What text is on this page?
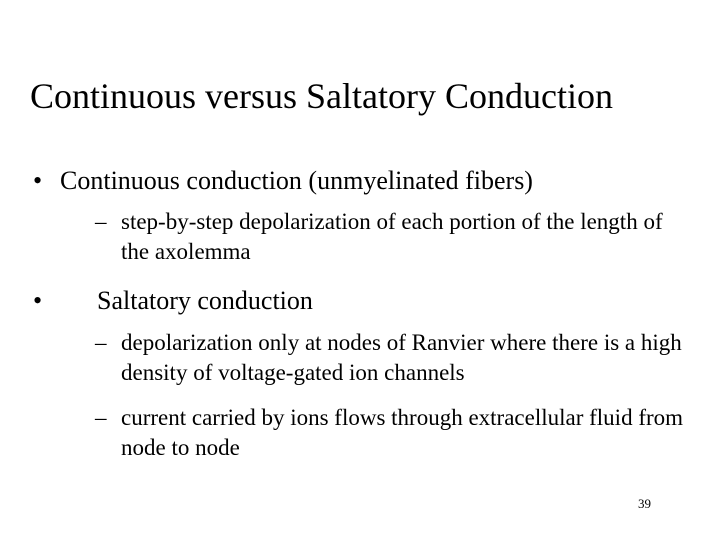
Continuous versus Saltatory Conduction
• Continuous conduction (unmyelinated fibers)
– step-by-step depolarization of each portion of the length of the axolemma
• Saltatory conduction
– depolarization only at nodes of Ranvier where there is a high density of voltage-gated ion channels
– current carried by ions flows through extracellular fluid from node to node
39
